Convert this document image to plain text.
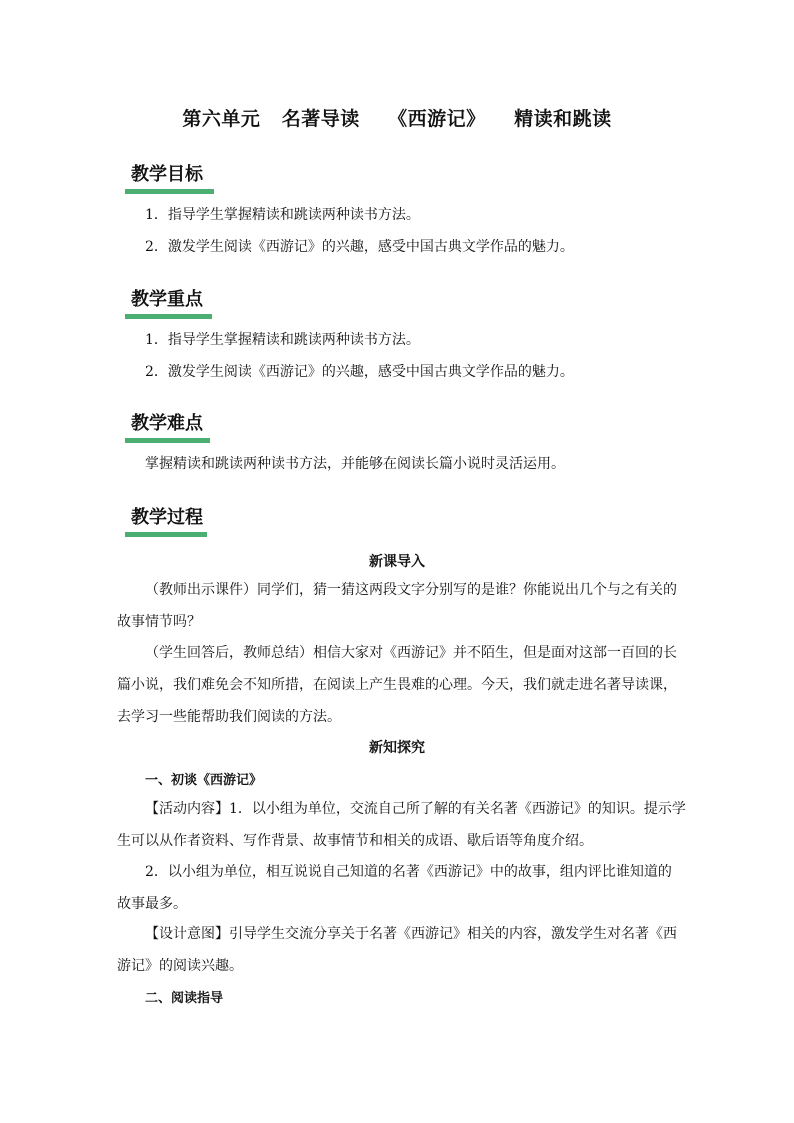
第六单元   名著导读    《西游记》    精读和跳读
教学目标
1．指导学生掌握精读和跳读两种读书方法。
2．激发学生阅读《西游记》的兴趣，感受中国古典文学作品的魅力。
教学重点
1．指导学生掌握精读和跳读两种读书方法。
2．激发学生阅读《西游记》的兴趣，感受中国古典文学作品的魅力。
教学难点
掌握精读和跳读两种读书方法，并能够在阅读长篇小说时灵活运用。
教学过程
新课导入
（教师出示课件）同学们，猜一猜这两段文字分别写的是谁？你能说出几个与之有关的
故事情节吗？
（学生回答后，教师总结）相信大家对《西游记》并不陌生，但是面对这部一百回的长
篇小说，我们难免会不知所措，在阅读上产生畏难的心理。今天，我们就走进名著导读课，
去学习一些能帮助我们阅读的方法。
新知探究
一、初谈《西游记》
【活动内容】1．以小组为单位，交流自己所了解的有关名著《西游记》的知识。提示学
生可以从作者资料、写作背景、故事情节和相关的成语、歇后语等角度介绍。
2．以小组为单位，相互说说自己知道的名著《西游记》中的故事，组内评比谁知道的
故事最多。
【设计意图】引导学生交流分享关于名著《西游记》相关的内容，激发学生对名著《西
游记》的阅读兴趣。
二、阅读指导
